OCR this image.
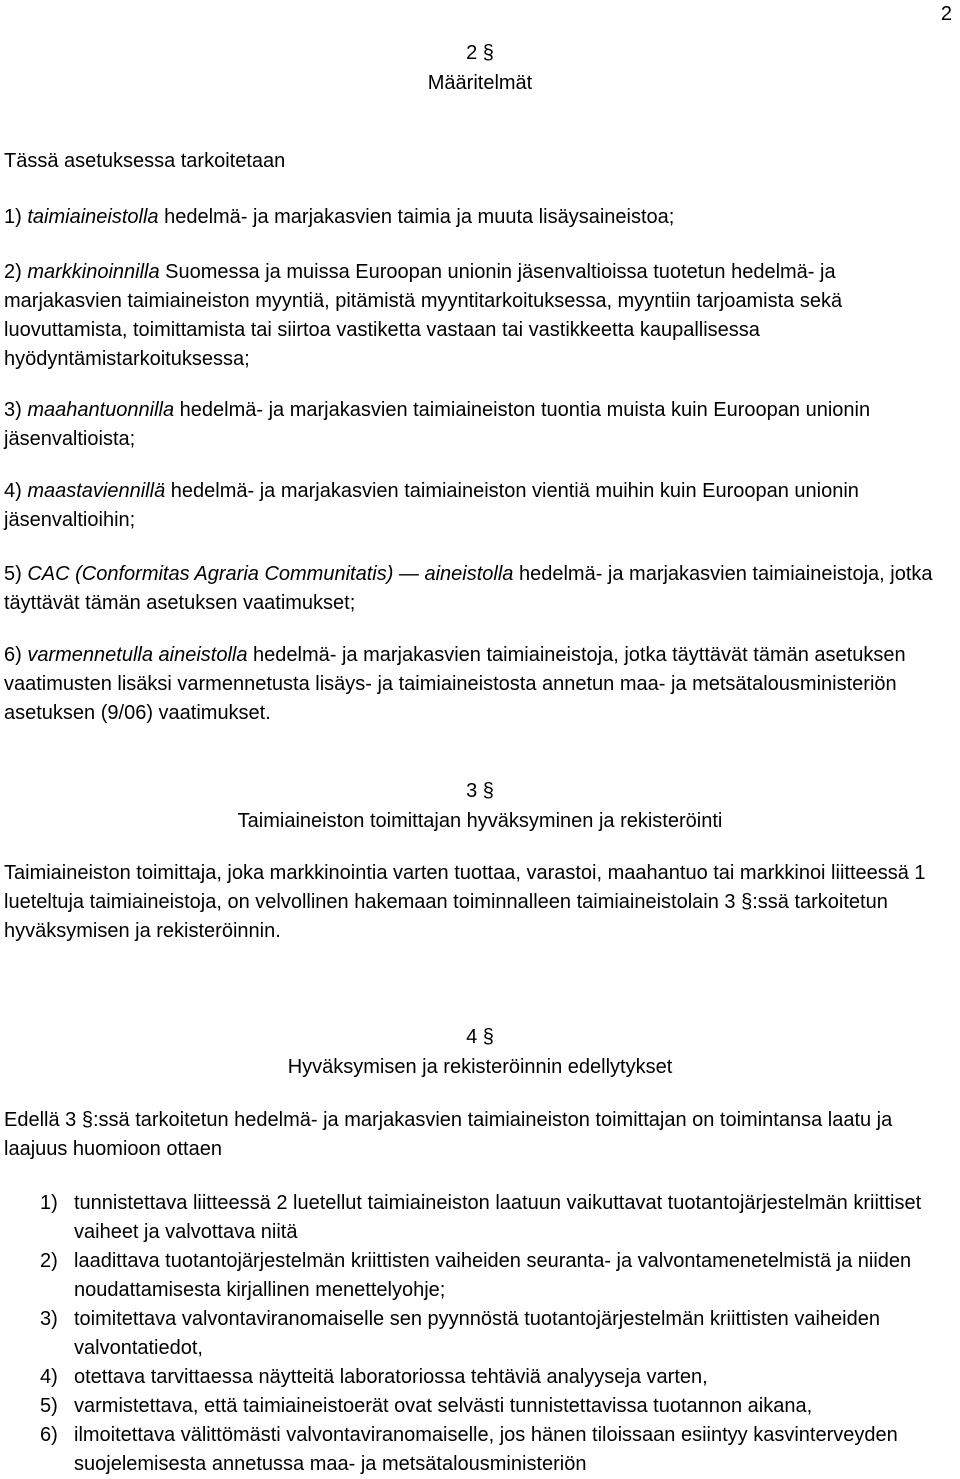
2
2 §
Määritelmät

Tässä asetuksessa tarkoitetaan

1) taimiaineistolla hedelmä- ja marjakasvien taimia ja muuta lisäysaineistoa;

2) markkinoinnilla Suomessa ja muissa Euroopan unionin jäsenvaltioissa tuotetun hedelmä- ja marjakasvien taimiaineiston myyntiä, pitämistä myyntitarkoituksessa, myyntiin tarjoamista sekä luovuttamista, toimittamista tai siirtoa vastiketta vastaan tai vastikkeetta kaupallisessa hyödyntämistarkoituksessa;

3) maahantuonnilla hedelmä- ja marjakasvien taimiaineiston tuontia muista kuin Euroopan unionin jäsenvaltioista;

4) maastaviennillä hedelmä- ja marjakasvien taimiaineiston vientiä muihin kuin Euroopan unionin jäsenvaltioihin;

5) CAC (Conformitas Agraria Communitatis) — aineistolla hedelmä- ja marjakasvien taimiaineistoja, jotka täyttävät tämän asetuksen vaatimukset;

6) varmennetulla aineistolla hedelmä- ja marjakasvien taimiaineistoja, jotka täyttävät tämän asetuksen vaatimusten lisäksi varmennetusta lisäys- ja taimiaineistosta annetun maa- ja metsätalousministeriön asetuksen (9/06) vaatimukset.

3 §
Taimiaineiston toimittajan hyväksyminen ja rekisteröinti

Taimiaineiston toimittaja, joka markkinointia varten tuottaa, varastoi, maahantuo tai markkinoi liitteessä 1 lueteltuja taimiaineistoja, on velvollinen hakemaan toiminnalleen taimiaineistolain 3 §:ssä tarkoitetun hyväksymisen ja rekisteröinnin.

4 §
Hyväksymisen ja rekisteröinnin edellytykset

Edellä 3 §:ssä tarkoitetun hedelmä- ja marjakasvien taimiaineiston toimittajan on toimintansa laatu ja laajuus huomioon ottaen

1) tunnistettava liitteessä 2 luetellut taimiaineiston laatuun vaikuttavat tuotantojärjestelmän kriittiset vaiheet ja valvottava niitä
2) laadittava tuotantojärjestelmän kriittisten vaiheiden seuranta- ja valvontamenetelmistä ja niiden noudattamisesta kirjallinen menettelyohje;
3) toimitettava valvontaviranomaiselle sen pyynnöstä tuotantojärjestelmän kriittisten vaiheiden valvontatiedot,
4) otettava tarvittaessa näytteitä laboratoriossa tehtäviä analyyseja varten,
5) varmistettava, että taimiaineistoerät ovat selvästi tunnistettavissa tuotannon aikana,
6) ilmoitettava välittömästi valvontaviranomaiselle, jos hänen tiloissaan esiintyy kasvinterveyden suojelemisesta annetussa maa- ja metsätalousministeriön
